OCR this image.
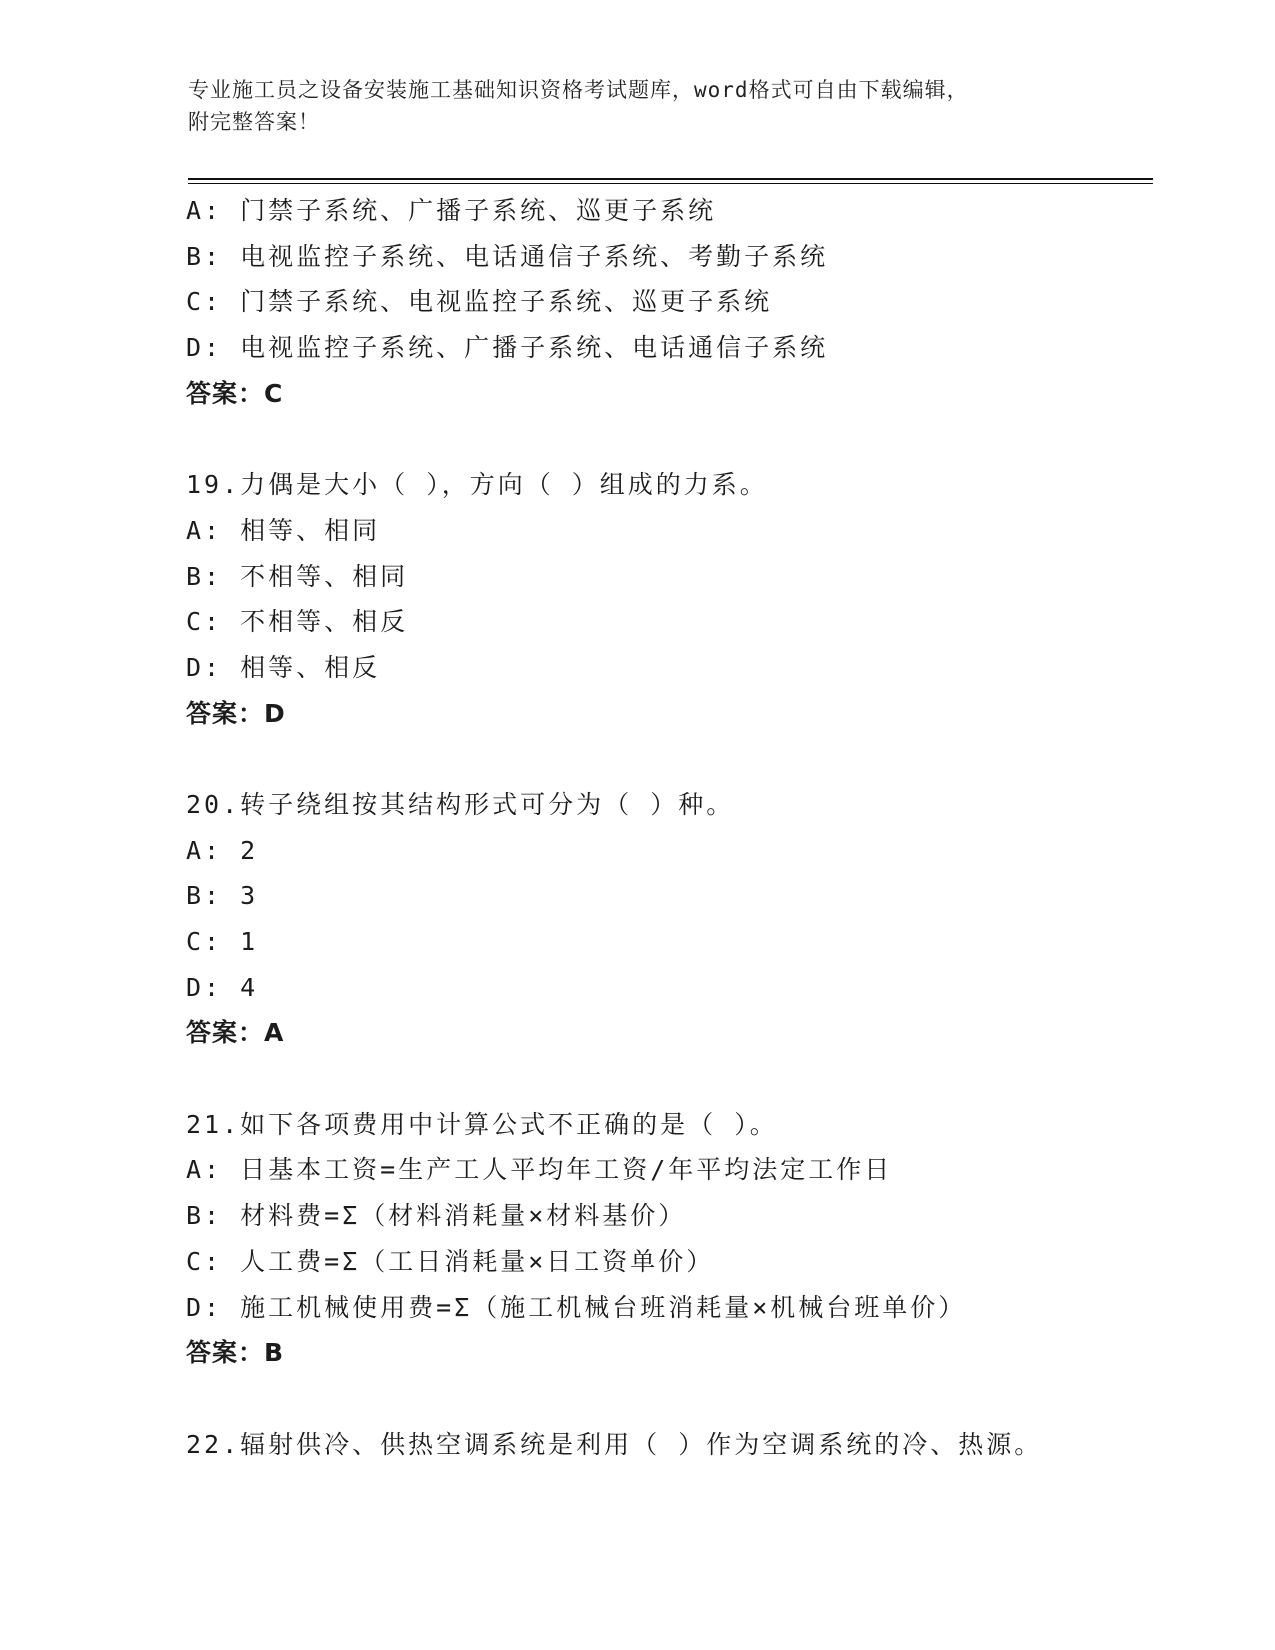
专业施工员之设备安装施工基础知识资格考试题库，word格式可自由下载编辑，
附完整答案！
A: 门禁子系统、广播子系统、巡更子系统
B: 电视监控子系统、电话通信子系统、考勤子系统
C: 门禁子系统、电视监控子系统、巡更子系统
D: 电视监控子系统、广播子系统、电话通信子系统
答案：C
19.力偶是大小（ ），方向（ ）组成的力系。
A: 相等、相同
B: 不相等、相同
C: 不相等、相反
D: 相等、相反
答案：D
20.转子绕组按其结构形式可分为（ ）种。
A: 2
B: 3
C: 1
D: 4
答案：A
21.如下各项费用中计算公式不正确的是（ ）。
A: 日基本工资=生产工人平均年工资/年平均法定工作日
B: 材料费=Σ（材料消耗量×材料基价）
C: 人工费=Σ（工日消耗量×日工资单价）
D: 施工机械使用费=Σ（施工机械台班消耗量×机械台班单价）
答案：B
22.辐射供冷、供热空调系统是利用（ ）作为空调系统的冷、热源。
